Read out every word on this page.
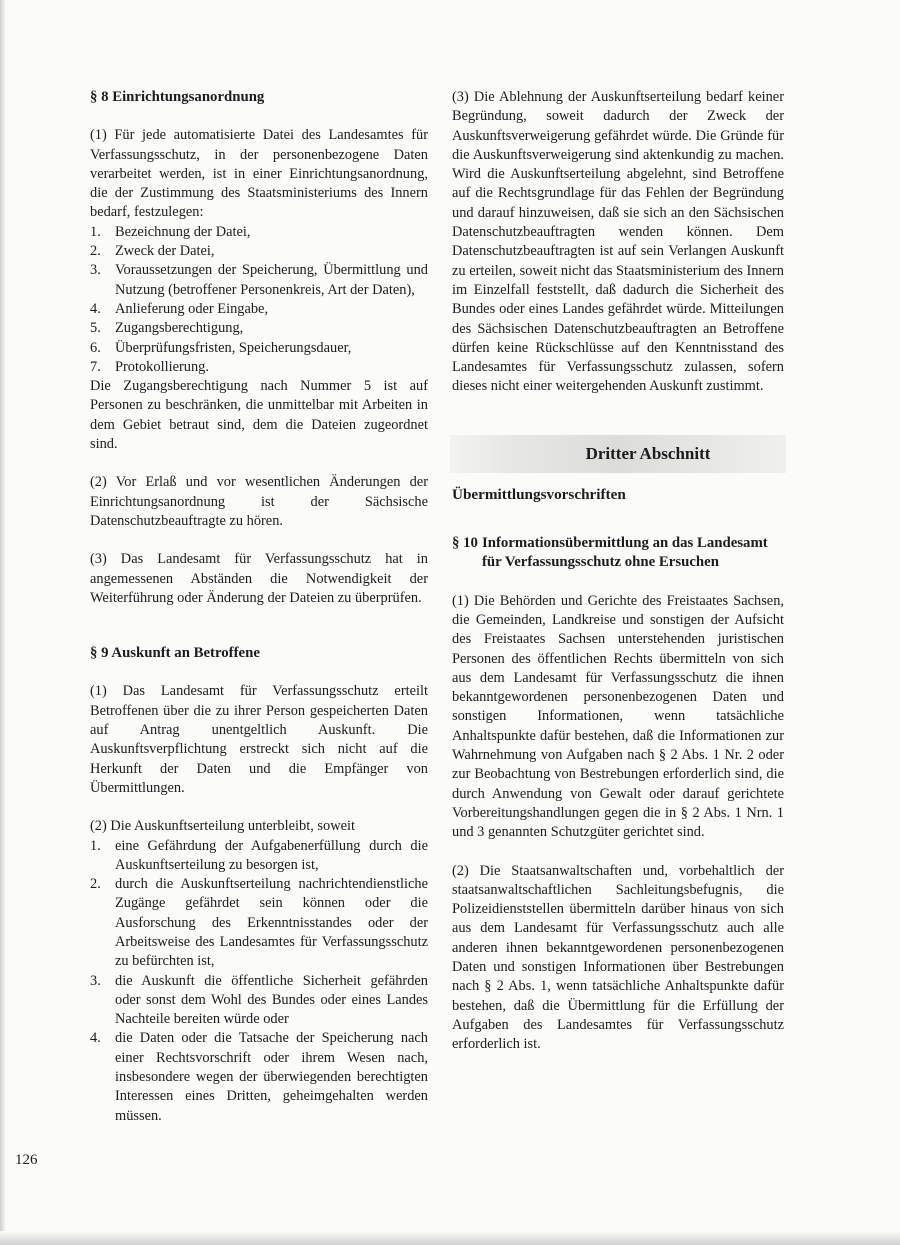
§ 8 Einrichtungsanordnung

(1) Für jede automatisierte Datei des Landesamtes für Verfassungsschutz, in der personenbezogene Daten verarbeitet werden, ist in einer Einrichtungsanordnung, die der Zustimmung des Staatsministeriums des Innern bedarf, festzulegen:

1. Bezeichnung der Datei,
2. Zweck der Datei,
3. Voraussetzungen der Speicherung, Übermittlung und Nutzung (betroffener Personenkreis, Art der Daten),
4. Anlieferung oder Eingabe,
5. Zugangsberechtigung,
6. Überprüfungsfristen, Speicherungsdauer,
7. Protokollierung.

Die Zugangsberechtigung nach Nummer 5 ist auf Personen zu beschränken, die unmittelbar mit Arbeiten in dem Gebiet betraut sind, dem die Dateien zugeordnet sind.

(2) Vor Erlaß und vor wesentlichen Änderungen der Einrichtungsanordnung ist der Sächsische Datenschutzbeauftragte zu hören.

(3) Das Landesamt für Verfassungsschutz hat in angemessenen Abständen die Notwendigkeit der Weiterführung oder Änderung der Dateien zu überprüfen.

§ 9 Auskunft an Betroffene

(1) Das Landesamt für Verfassungsschutz erteilt Betroffenen über die zu ihrer Person gespeicherten Daten auf Antrag unentgeltlich Auskunft. Die Auskunftsverpflichtung erstreckt sich nicht auf die Herkunft der Daten und die Empfänger von Übermittlungen.

(2) Die Auskunftserteilung unterbleibt, soweit

1. eine Gefährdung der Aufgabenerfüllung durch die Auskunftserteilung zu besorgen ist,
2. durch die Auskunftserteilung nachrichtendienstliche Zugänge gefährdet sein können oder die Ausforschung des Erkenntnisstandes oder der Arbeitsweise des Landesamtes für Verfassungsschutz zu befürchten ist,
3. die Auskunft die öffentliche Sicherheit gefährden oder sonst dem Wohl des Bundes oder eines Landes Nachteile bereiten würde oder
4. die Daten oder die Tatsache der Speicherung nach einer Rechtsvorschrift oder ihrem Wesen nach, insbesondere wegen der überwiegenden berechtigten Interessen eines Dritten, geheimgehalten werden müssen.

(3) Die Ablehnung der Auskunftserteilung bedarf keiner Begründung, soweit dadurch der Zweck der Auskunftsverweigerung gefährdet würde. Die Gründe für die Auskunftsverweigerung sind aktenkundig zu machen. Wird die Auskunftserteilung abgelehnt, sind Betroffene auf die Rechtsgrundlage für das Fehlen der Begründung und darauf hinzuweisen, daß sie sich an den Sächsischen Datenschutzbeauftragten wenden können. Dem Datenschutzbeauftragten ist auf sein Verlangen Auskunft zu erteilen, soweit nicht das Staatsministerium des Innern im Einzelfall feststellt, daß dadurch die Sicherheit des Bundes oder eines Landes gefährdet würde. Mitteilungen des Sächsischen Datenschutzbeauftragten an Betroffene dürfen keine Rückschlüsse auf den Kenntnisstand des Landesamtes für Verfassungsschutz zulassen, sofern dieses nicht einer weitergehenden Auskunft zustimmt.

Dritter Abschnitt
Übermittlungsvorschriften
§ 10 Informationsübermittlung an das Landesamt für Verfassungsschutz ohne Ersuchen

(1) Die Behörden und Gerichte des Freistaates Sachsen, die Gemeinden, Landkreise und sonstigen der Aufsicht des Freistaates Sachsen unterstehenden juristischen Personen des öffentlichen Rechts übermitteln von sich aus dem Landesamt für Verfassungsschutz die ihnen bekanntgewordenen personenbezogenen Daten und sonstigen Informationen, wenn tatsächliche Anhaltspunkte dafür bestehen, daß die Informationen zur Wahrnehmung von Aufgaben nach § 2 Abs. 1 Nr. 2 oder zur Beobachtung von Bestrebungen erforderlich sind, die durch Anwendung von Gewalt oder darauf gerichtete Vorbereitungshandlungen gegen die in § 2 Abs. 1 Nrn. 1 und 3 genannten Schutzgüter gerichtet sind.

(2) Die Staatsanwaltschaften und, vorbehaltlich der staatsanwaltschaftlichen Sachleitungsbefugnis, die Polizeidienststellen übermitteln darüber hinaus von sich aus dem Landesamt für Verfassungsschutz auch alle anderen ihnen bekanntgewordenen personenbezogenen Daten und sonstigen Informationen über Bestrebungen nach § 2 Abs. 1, wenn tatsächliche Anhaltspunkte dafür bestehen, daß die Übermittlung für die Erfüllung der Aufgaben des Landesamtes für Verfassungsschutz erforderlich ist.

126
